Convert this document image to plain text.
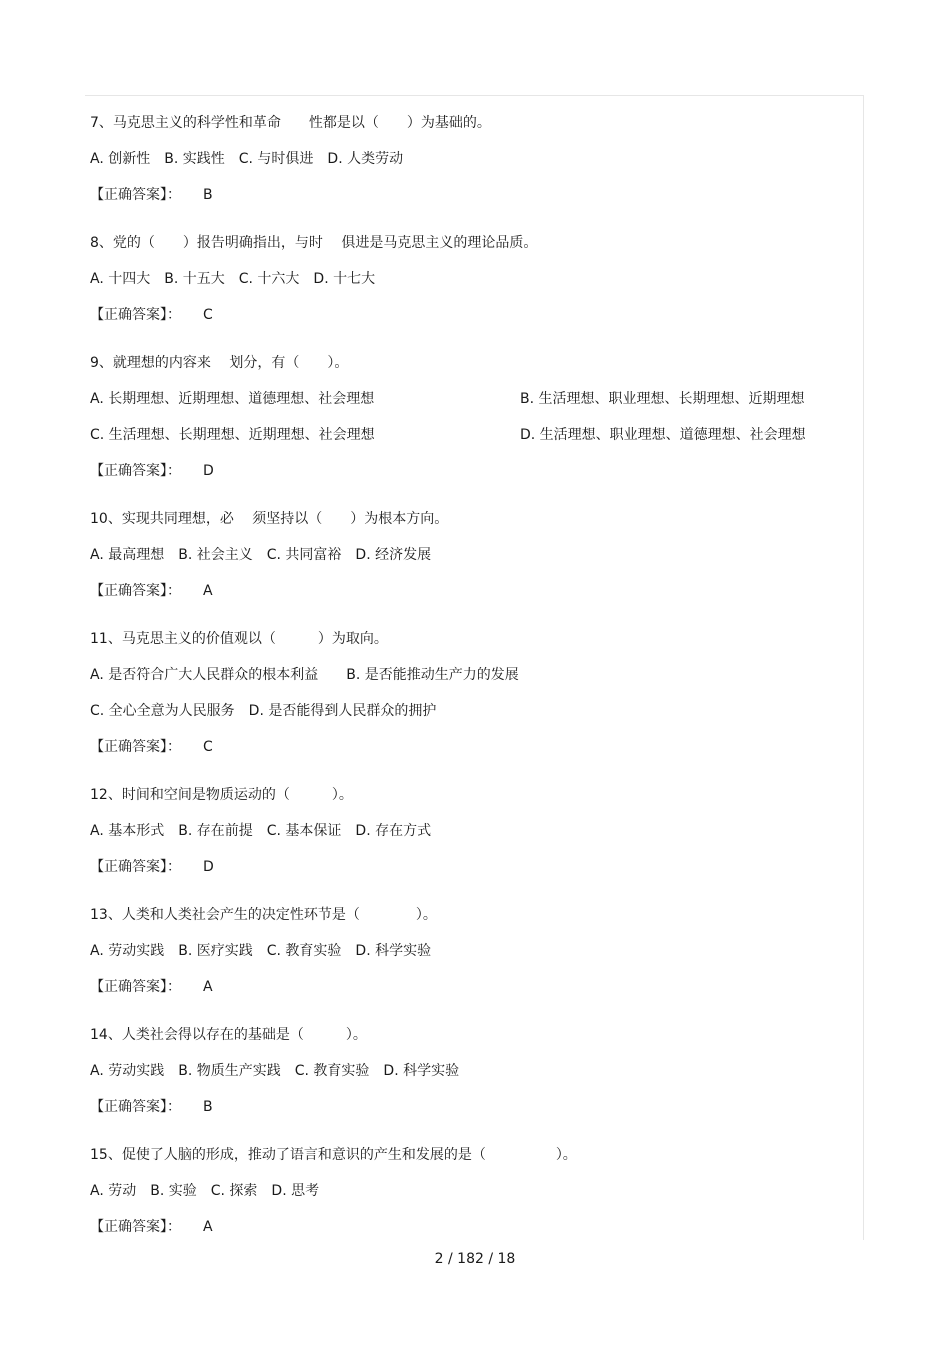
7、马克思主义的科学性和革命　　性都是以（　　）为基础的。
A. 创新性　B. 实践性　C. 与时俱进　D. 人类劳动
【正确答案】： B
8、党的（　　）报告明确指出，与时　 俱进是马克思主义的理论品质。
A. 十四大　B. 十五大　C. 十六大　D. 十七大
【正确答案】： C
9、就理想的内容来　 划分，有（　　）。
A. 长期理想、近期理想、道德理想、社会理想	B. 生活理想、职业理想、长期理想、近期理想
C. 生活理想、长期理想、近期理想、社会理想	D. 生活理想、职业理想、道德理想、社会理想
【正确答案】： D
10、实现共同理想，必　 须坚持以（　　）为根本方向。
A. 最高理想　B. 社会主义　C. 共同富裕　D. 经济发展
【正确答案】： A
11、马克思主义的价值观以（　　　）为取向。
A. 是否符合广大人民群众的根本利益　　B. 是否能推动生产力的发展
C. 全心全意为人民服务　D. 是否能得到人民群众的拥护
【正确答案】： C
12、时间和空间是物质运动的（　　　）。
A. 基本形式　B. 存在前提　C. 基本保证　D. 存在方式
【正确答案】： D
13、人类和人类社会产生的决定性环节是（　　　　）。
A. 劳动实践　B. 医疗实践　C. 教育实验　D. 科学实验
【正确答案】： A
14、人类社会得以存在的基础是（　　　）。
A. 劳动实践　B. 物质生产实践　C. 教育实验　D. 科学实验
【正确答案】： B
15、促使了人脑的形成，推动了语言和意识的产生和发展的是（　　　　　）。
A. 劳动　B. 实验　C. 探索　D. 思考
【正确答案】： A
2 / 182 / 18
